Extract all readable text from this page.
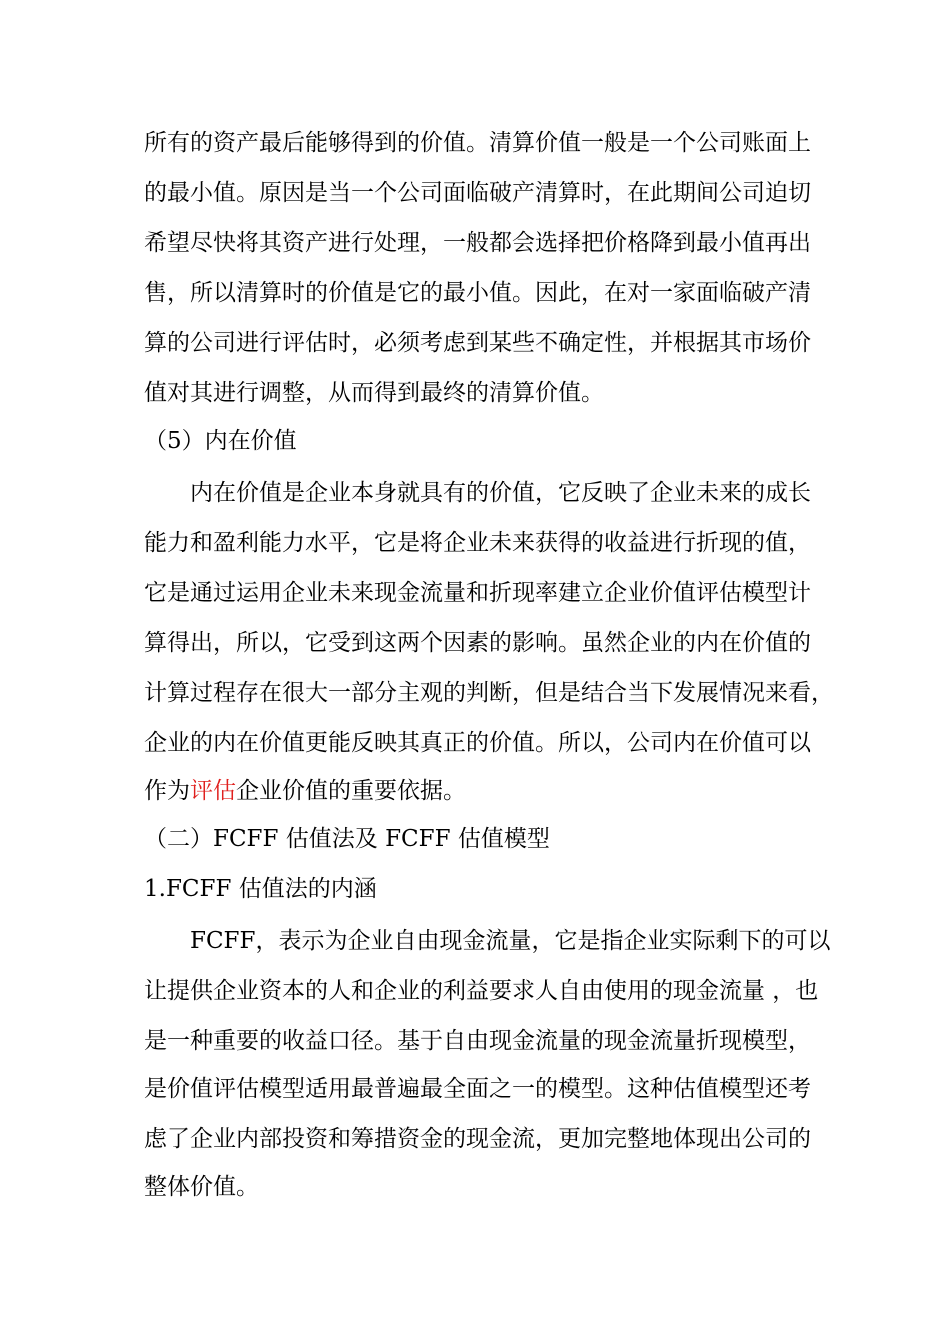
所有的资产最后能够得到的价值。清算价值一般是一个公司账面上
的最小值。原因是当一个公司面临破产清算时，在此期间公司迫切
希望尽快将其资产进行处理，一般都会选择把价格降到最小值再出
售，所以清算时的价值是它的最小值。因此，在对一家面临破产清
算的公司进行评估时，必须考虑到某些不确定性，并根据其市场价
值对其进行调整，从而得到最终的清算价值。
（5）内在价值
内在价值是企业本身就具有的价值，它反映了企业未来的成长
能力和盈利能力水平，它是将企业未来获得的收益进行折现的值，
它是通过运用企业未来现金流量和折现率建立企业价值评估模型计
算得出，所以，它受到这两个因素的影响。虽然企业的内在价值的
计算过程存在很大一部分主观的判断，但是结合当下发展情况来看，
企业的内在价值更能反映其真正的价值。所以，公司内在价值可以
作为评估企业价值的重要依据。
（二）FCFF 估值法及 FCFF 估值模型
1.FCFF 估值法的内涵
FCFF，表示为企业自由现金流量，它是指企业实际剩下的可以
让提供企业资本的人和企业的利益要求人自由使用的现金流量 ，也
是一种重要的收益口径。基于自由现金流量的现金流量折现模型，
是价值评估模型适用最普遍最全面之一的模型。这种估值模型还考
虑了企业内部投资和筹措资金的现金流，更加完整地体现出公司的
整体价值。
